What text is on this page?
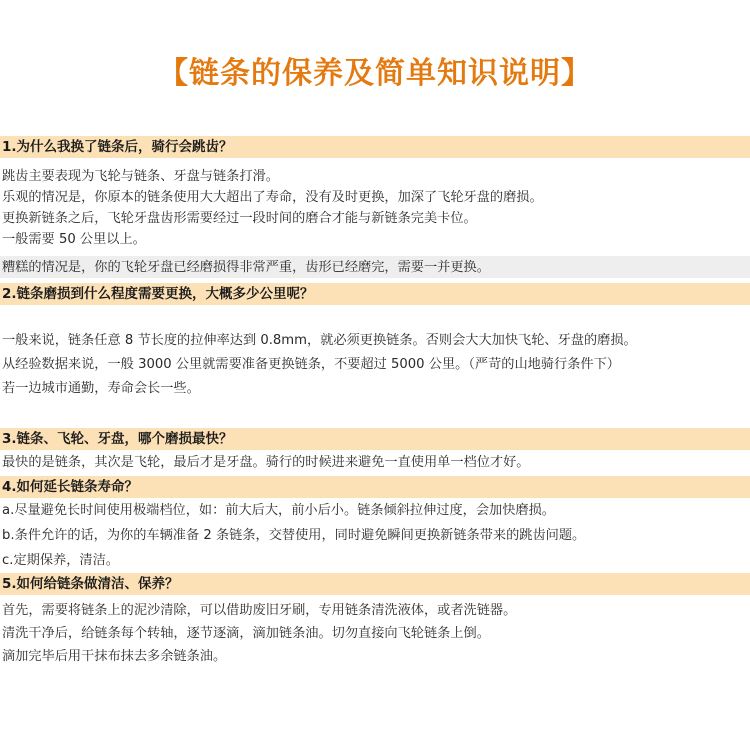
【链条的保养及简单知识说明】
1.为什么我换了链条后，骑行会跳齿？
跳齿主要表现为飞轮与链条、牙盘与链条打滑。
乐观的情况是，你原本的链条使用大大超出了寿命，没有及时更换，加深了飞轮牙盘的磨损。
更换新链条之后，飞轮牙盘齿形需要经过一段时间的磨合才能与新链条完美卡位。
一般需要 50 公里以上。
糟糕的情况是，你的飞轮牙盘已经磨损得非常严重，齿形已经磨完，需要一并更换。
2.链条磨损到什么程度需要更换，大概多少公里呢？
一般来说，链条任意 8 节长度的拉伸率达到 0.8mm，就必须更换链条。否则会大大加快飞轮、牙盘的磨损。
从经验数据来说，一般 3000 公里就需要准备更换链条，不要超过 5000 公里。（严苛的山地骑行条件下）
若一边城市通勤，寿命会长一些。
3.链条、飞轮、牙盘，哪个磨损最快？
最快的是链条，其次是飞轮，最后才是牙盘。骑行的时候进来避免一直使用单一档位才好。
4.如何延长链条寿命？
a.尽量避免长时间使用极端档位，如：前大后大，前小后小。链条倾斜拉伸过度，会加快磨损。
b.条件允许的话，为你的车辆准备 2 条链条，交替使用，同时避免瞬间更换新链条带来的跳齿问题。
c.定期保养，清洁。
5.如何给链条做清洁、保养？
首先，需要将链条上的泥沙清除，可以借助废旧牙刷，专用链条清洗液体，或者洗链器。
清洗干净后，给链条每个转轴，逐节逐滴，滴加链条油。切勿直接向飞轮链条上倒。
滴加完毕后用干抹布抹去多余链条油。
